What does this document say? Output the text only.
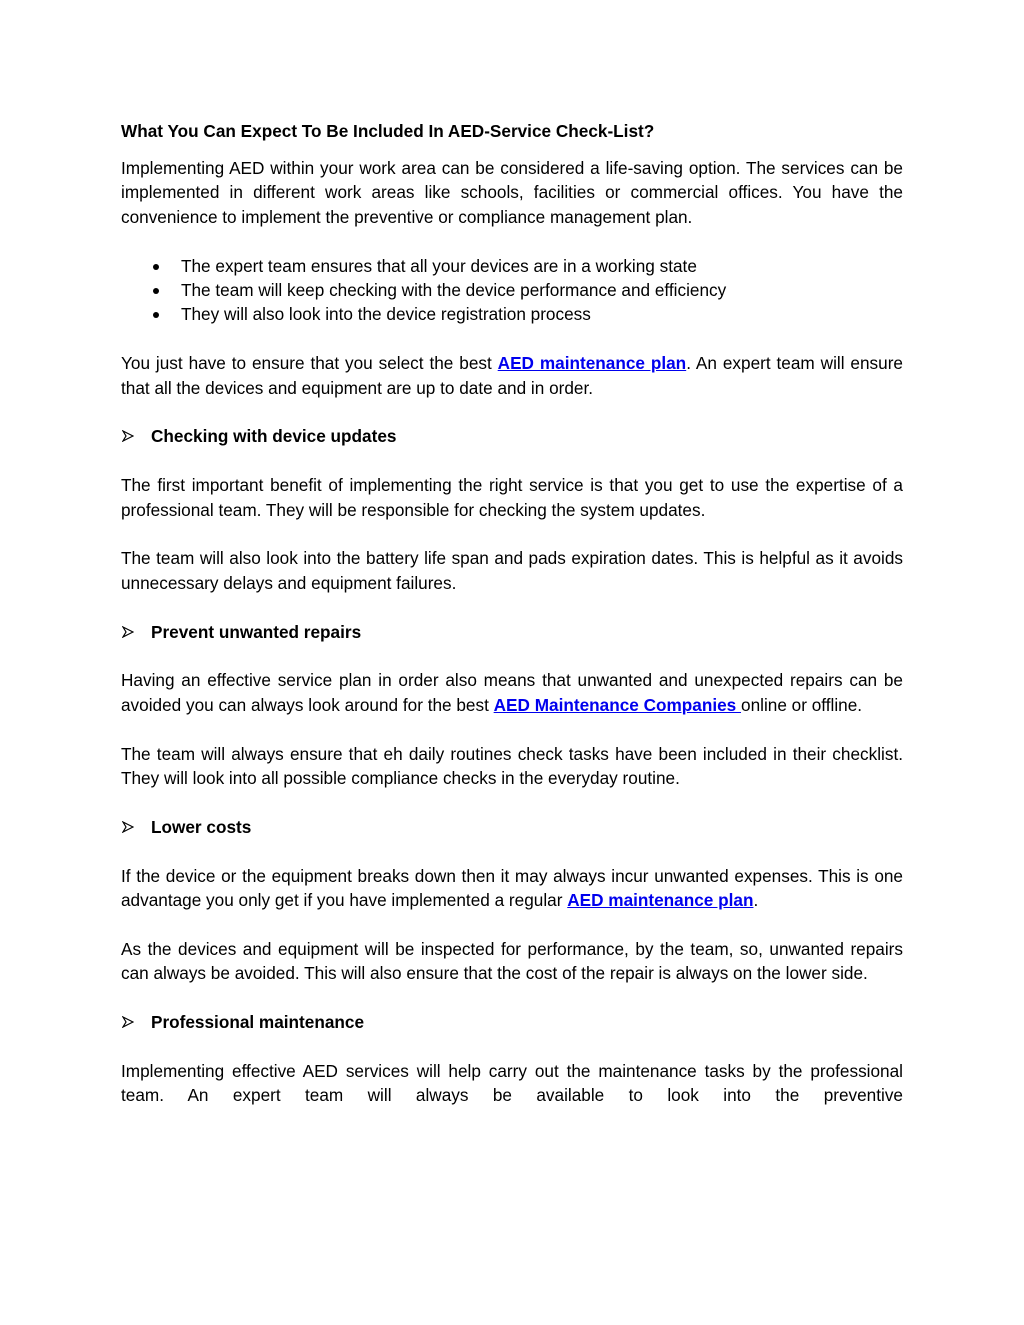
What You Can Expect To Be Included In AED-Service Check-List?

Implementing AED within your work area can be considered a life-saving option. The services can be implemented in different work areas like schools, facilities or commercial offices. You have the convenience to implement the preventive or compliance management plan.

The expert team ensures that all your devices are in a working state
The team will keep checking with the device performance and efficiency
They will also look into the device registration process

You just have to ensure that you select the best AED maintenance plan. An expert team will ensure that all the devices and equipment are up to date and in order.

Checking with device updates

The first important benefit of implementing the right service is that you get to use the expertise of a professional team. They will be responsible for checking the system updates.

The team will also look into the battery life span and pads expiration dates. This is helpful as it avoids unnecessary delays and equipment failures.

Prevent unwanted repairs

Having an effective service plan in order also means that unwanted and unexpected repairs can be avoided you can always look around for the best AED Maintenance Companies online or offline.

The team will always ensure that eh daily routines check tasks have been included in their checklist. They will look into all possible compliance checks in the everyday routine.

Lower costs

If the device or the equipment breaks down then it may always incur unwanted expenses. This is one advantage you only get if you have implemented a regular AED maintenance plan.

As the devices and equipment will be inspected for performance, by the team, so, unwanted repairs can always be avoided. This will also ensure that the cost of the repair is always on the lower side.

Professional maintenance

Implementing effective AED services will help carry out the maintenance tasks by the professional team. An expert team will always be available to look into the preventive
